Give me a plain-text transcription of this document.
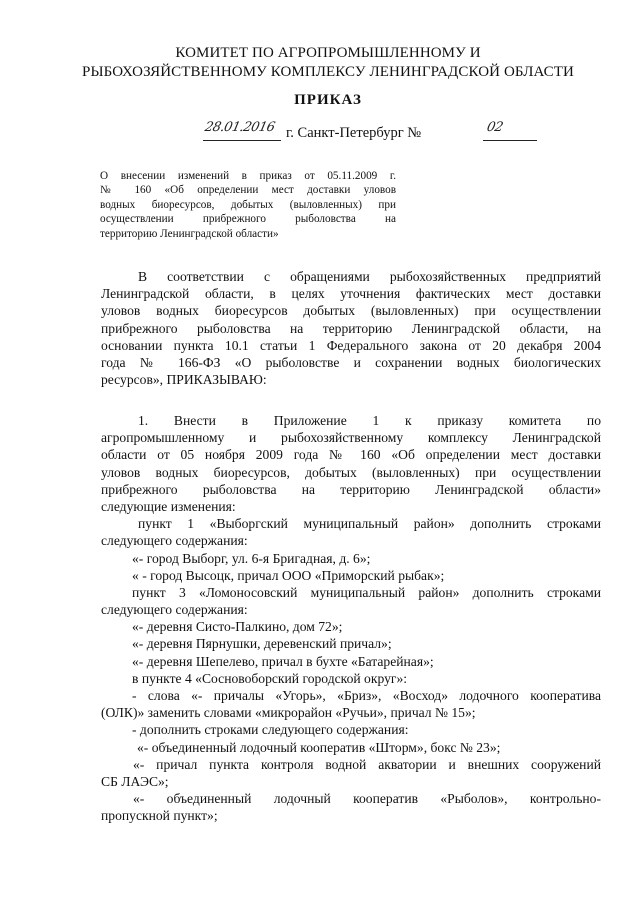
КОМИТЕТ ПО АГРОПРОМЫШЛЕННОМУ И
РЫБОХОЗЯЙСТВЕННОМУ КОМПЛЕКСУ ЛЕНИНГРАДСКОЙ ОБЛАСТИ
ПРИКАЗ
28.01.2016 г. Санкт-Петербург №	02
О внесении изменений в приказ от 05.11.2009 г.
№ 160 «Об определении мест доставки уловов
водных биоресурсов, добытых (выловленных) при
осуществлении прибрежного рыболовства на
территорию Ленинградской области»
В соответствии с обращениями рыбохозяйственных предприятий
Ленинградской области, в целях уточнения фактических мест доставки
уловов водных биоресурсов добытых (выловленных) при осуществлении
прибрежного рыболовства на территорию Ленинградской области, на
основании пункта 10.1 статьи 1 Федерального закона от 20 декабря 2004
года № 166-ФЗ «О рыболовстве и сохранении водных биологических
ресурсов», ПРИКАЗЫВАЮ:
1. Внести в Приложение 1 к приказу комитета по
агропромышленному и рыбохозяйственному комплексу Ленинградской
области от 05 ноября 2009 года № 160 «Об определении мест доставки
уловов водных биоресурсов, добытых (выловленных) при осуществлении
прибрежного рыболовства на территорию Ленинградской области»
следующие изменения:
пункт 1 «Выборгский муниципальный район» дополнить строками
следующего содержания:
«- город Выборг, ул. 6-я Бригадная, д. 6»;
« - город Высоцк, причал ООО «Приморский рыбак»;
пункт 3 «Ломоносовский муниципальный район» дополнить строками
следующего содержания:
«- деревня Систо-Палкино, дом 72»;
«- деревня Пярнушки, деревенский причал»;
«- деревня Шепелево, причал в бухте «Батарейная»;
в пункте 4 «Сосновоборский городской округ»:
- слова «- причалы «Угорь», «Бриз», «Восход» лодочного кооператива
(ОЛК)» заменить словами «микрорайон «Ручьи», причал № 15»;
- дополнить строками следующего содержания:
«- объединенный лодочный кооператив «Шторм», бокс № 23»;
«- причал пункта контроля водной акватории и внешних сооружений
СБ ЛАЭС»;
«- объединенный лодочный кооператив «Рыболов», контрольно-
пропускной пункт»;
